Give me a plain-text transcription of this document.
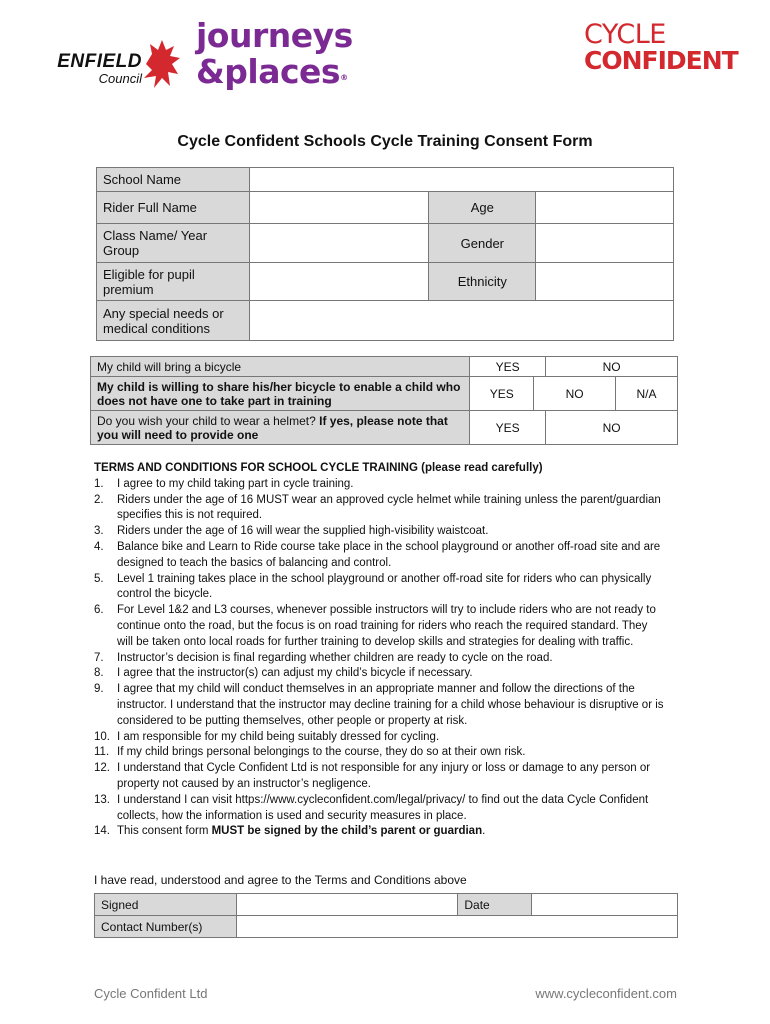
ENFIELD
Council
journeys
&places®
CYCLE
CONFIDENT
Cycle Confident Schools Cycle Training Consent Form
School Name			
Rider Full Name		Age	
Class Name/ Year Group		Gender	
Eligible for pupil premium		Ethnicity	
Any special needs or medical conditions			
My child will bring a bicycle	YES		NO	
My child is willing to share his/her bicycle to enable a child who does not have one to take part in training	YES	NO		N/A
Do you wish your child to wear a helmet? If yes, please note that you will need to provide one	YES		NO	
TERMS AND CONDITIONS FOR SCHOOL CYCLE TRAINING (please read carefully)
1. I agree to my child taking part in cycle training.
2. Riders under the age of 16 MUST wear an approved cycle helmet while training unless the parent/guardian specifies this is not required.
3. Riders under the age of 16 will wear the supplied high-visibility waistcoat.
4. Balance bike and Learn to Ride course take place in the school playground or another off-road site and are designed to teach the basics of balancing and control.
5. Level 1 training takes place in the school playground or another off-road site for riders who can physically control the bicycle.
6. For Level 1&2 and L3 courses, whenever possible instructors will try to include riders who are not ready to continue onto the road, but the focus is on road training for riders who reach the required standard. They will be taken onto local roads for further training to develop skills and strategies for dealing with traffic.
7. Instructor’s decision is final regarding whether children are ready to cycle on the road.
8. I agree that the instructor(s) can adjust my child’s bicycle if necessary.
9. I agree that my child will conduct themselves in an appropriate manner and follow the directions of the instructor. I understand that the instructor may decline training for a child whose behaviour is disruptive or is considered to be putting themselves, other people or property at risk.
10. I am responsible for my child being suitably dressed for cycling.
11. If my child brings personal belongings to the course, they do so at their own risk.
12. I understand that Cycle Confident Ltd is not responsible for any injury or loss or damage to any person or property not caused by an instructor’s negligence.
13. I understand I can visit https://www.cycleconfident.com/legal/privacy/ to find out the data Cycle Confident collects, how the information is used and security measures in place.
14. This consent form MUST be signed by the child’s parent or guardian.
I have read, understood and agree to the Terms and Conditions above
Signed		Date	
Contact Number(s)			
Cycle Confident Ltd	www.cycleconfident.com
